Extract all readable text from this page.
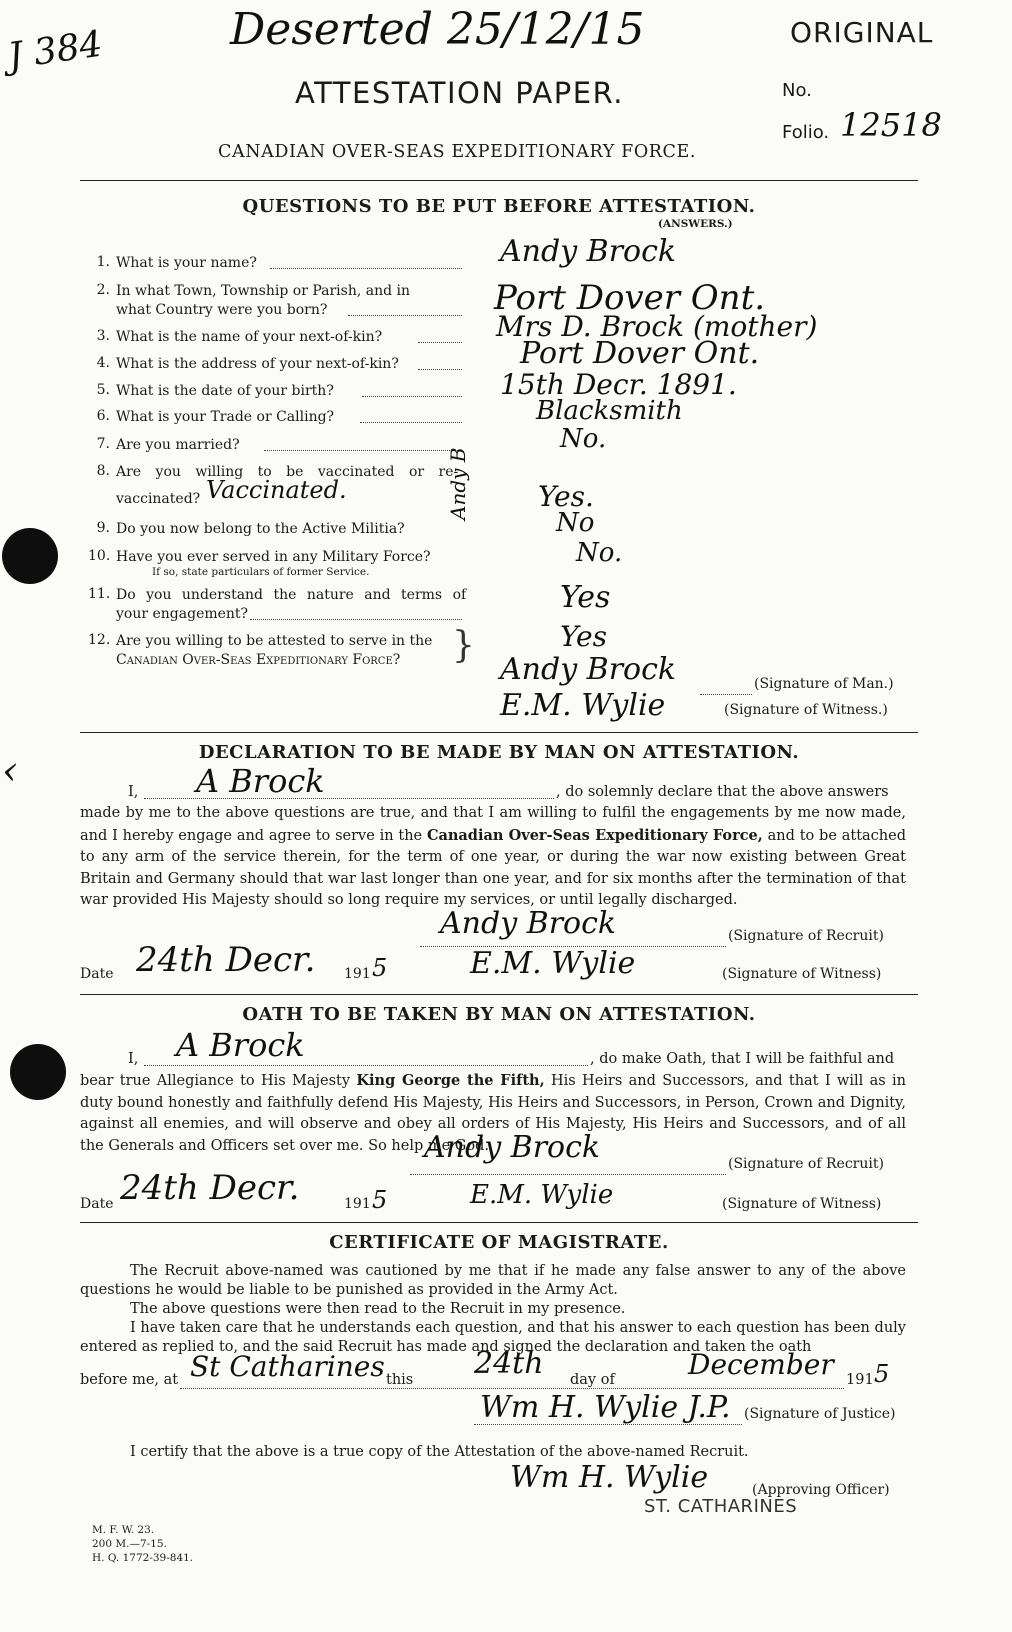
‹
J 384	Deserted 25/12/15	ORIGINAL
ATTESTATION PAPER.	No.
Folio. 12518
CANADIAN OVER-SEAS EXPEDITIONARY FORCE.
QUESTIONS TO BE PUT BEFORE ATTESTATION.
(ANSWERS.)
1. What is your name?	Andy Brock
2. In what Town, Township or Parish, and in
what Country were you born?	Port Dover Ont.
3. What is the name of your next-of-kin?	Mrs D. Brock (mother)
4. What is the address of your next-of-kin?	Port Dover Ont.
5. What is the date of your birth?	15th Decr. 1891.
6. What is your Trade or Calling?	Blacksmith
7. Are you married?	No.
8. Are you willing to be vaccinated or re-
vaccinated? Vaccinated.	Andy B Yes.
9. Do you now belong to the Active Militia?	No
10. Have you ever served in any Military Force?
If so, state particulars of former Service.
No.
11. Do you understand the nature and terms of
your engagement?	Yes
12. Are you willing to be attested to serve in the
Canadian Over-Seas Expeditionary Force? }	Yes
Andy Brock	(Signature of Man.)
E.M. Wylie	(Signature of Witness.)
DECLARATION TO BE MADE BY MAN ON ATTESTATION.
I, A Brock	, do solemnly declare that the above answers
made by me to the above questions are true, and that I am willing to fulfil the engagements by me now made, and I hereby engage and agree to serve in the Canadian Over-Seas Expeditionary Force, and to be attached to any arm of the service therein, for the term of one year, or during the war now existing between Great Britain and Germany should that war last longer than one year, and for six months after the termination of that war provided His Majesty should so long require my services, or until legally discharged.
Andy Brock	(Signature of Recruit)
Date 24th Decr. 191 5	E.M. Wylie	(Signature of Witness)
OATH TO BE TAKEN BY MAN ON ATTESTATION.
I, A Brock	, do make Oath, that I will be faithful and
bear true Allegiance to His Majesty King George the Fifth, His Heirs and Successors, and that I will as in duty bound honestly and faithfully defend His Majesty, His Heirs and Successors, in Person, Crown and Dignity, against all enemies, and will observe and obey all orders of His Majesty, His Heirs and Successors, and of all the Generals and Officers set over me. So help me God.
Andy Brock	(Signature of Recruit)
Date 24th Decr.	191 5	E.M. Wylie	(Signature of Witness)
CERTIFICATE OF MAGISTRATE.
The Recruit above-named was cautioned by me that if he made any false answer to any of the above questions he would be liable to be punished as provided in the Army Act.
The above questions were then read to the Recruit in my presence.
I have taken care that he understands each question, and that his answer to each question has been duly entered as replied to, and the said Recruit has made and signed the declaration and taken the oath
before me, at St Catharines this 24th day of	December 191 5
Wm H. Wylie J.P. (Signature of Justice)
I certify that the above is a true copy of the Attestation of the above-named Recruit.
Wm H. Wylie	(Approving Officer)
ST. CATHARINES
M. F. W. 23.
200 M.—7-15.
H. Q. 1772-39-841.
